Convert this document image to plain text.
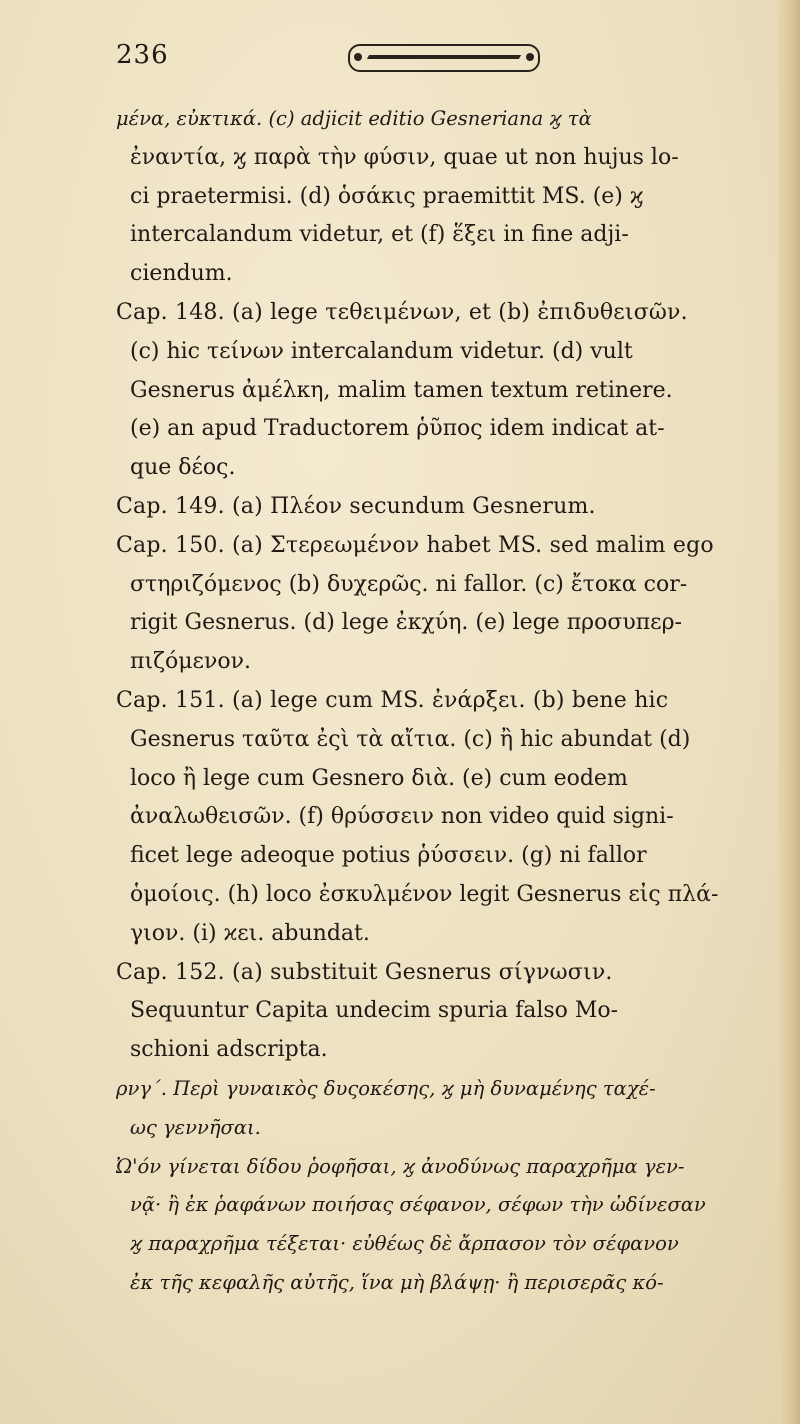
236
μένα, εὐκτικά. (c) adjicit editio Gesneriana ϗ τὰ
ἐναντία, ϗ παρὰ τὴν φύσιν, quae ut non hujus lo-
ci praetermisi. (d) ὁσάκις praemittit MS. (e) ϗ
intercalandum videtur, et (f) ἕξει in fine adji-
ciendum.
Cap. 148. (a) lege τεθειμένων, et (b) ἐπιδυθεισῶν.
(c) hic τείνων intercalandum videtur. (d) vult
Gesnerus ἀμέλκη, malim tamen textum retinere.
(e) an apud Traductorem ῥῦπος idem indicat at-
que δέος.
Cap. 149. (a) Πλέον secundum Gesnerum.
Cap. 150. (a) Στερεωμένον habet MS. sed malim ego
στηριζόμενος (b) δυχερῶς. ni fallor. (c) ἔτοκα cor-
rigit Gesnerus. (d) lege ἐκχύη. (e) lege προσυπερ-
πιζόμενον.
Cap. 151. (a) lege cum MS. ἐνάρξει. (b) bene hic
Gesnerus ταῦτα ἐςὶ τὰ αἴτια. (c) ἢ hic abundat (d)
loco ἢ lege cum Gesnero διὰ. (e) cum eodem
ἀναλωθεισῶν. (f) θρύσσειν non video quid signi-
ficet lege adeoque potius ῥύσσειν. (g) ni fallor
ὁμοίοις. (h) loco ἐσκυλμένον legit Gesnerus εἰς πλά-
γιον. (i) ϰει. abundat.
Cap. 152. (a) substituit Gesnerus σίγνωσιν.
Sequuntur Capita undecim spuria falso Mo-
schioni adscripta.
ρνγ΄. Περὶ γυναικὸς δυςοκέσης, ϗ μὴ δυναμένης ταχέ-
ως γεννῆσαι.
Ὠ'όν γίνεται δίδου ῥοφῆσαι, ϗ ἀνοδύνως παραχρῆμα γεν-
νᾷ· ἢ ἐκ ῥαφάνων ποιήσας σέφανον, σέφων τὴν ὠδίνεσαν
ϗ παραχρῆμα τέξεται· εὐθέως δὲ ἄρπασον τὸν σέφανον
ἐκ τῆς κεφαλῆς αὐτῆς, ἵνα μὴ βλάψῃ· ἢ περισερᾶς κό-
